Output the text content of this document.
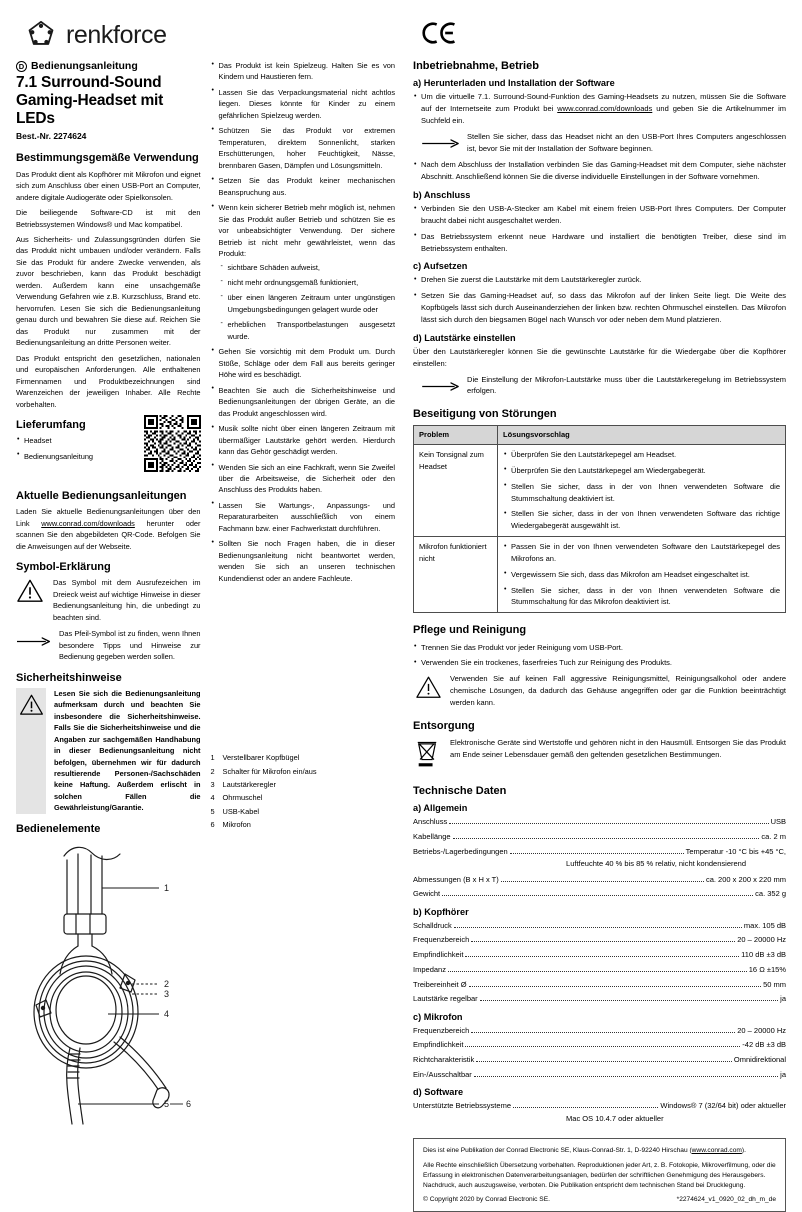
renkforce
D Bedienungsanleitung
7.1 Surround-Sound Gaming-Headset mit LEDs
Best.-Nr. 2274624
Bestimmungsgemäße Verwendung

Das Produkt dient als Kopfhörer mit Mikrofon und eignet sich zum Anschluss über einen USB-Port an Computer, andere digitale Audiogeräte oder Spielkonsolen.

Die beiliegende Software-CD ist mit den Betriebssystemen Windows® und Mac kompatibel.

Aus Sicherheits- und Zulassungsgründen dürfen Sie das Produkt nicht umbauen und/oder verändern. Falls Sie das Produkt für andere Zwecke verwenden, als zuvor beschrieben, kann das Produkt beschädigt werden. Außerdem kann eine unsachgemäße Verwendung Gefahren wie z.B. Kurzschluss, Brand etc. hervorrufen. Lesen Sie sich die Bedienungsanleitung genau durch und bewahren Sie diese auf. Reichen Sie das Produkt nur zusammen mit der Bedienungsanleitung an dritte Personen weiter.

Das Produkt entspricht den gesetzlichen, nationalen und europäischen Anforderungen. Alle enthaltenen Firmennamen und Produktbezeichnungen sind Warenzeichen der jeweiligen Inhaber. Alle Rechte vorbehalten.

Lieferumfang
• Headset
• Bedienungsanleitung
Aktuelle Bedienungsanleitungen

Laden Sie aktuelle Bedienungsanleitungen über den Link www.conrad.com/downloads herunter oder scannen Sie den abgebildeten QR-Code. Befolgen Sie die Anweisungen auf der Webseite.

Symbol-Erklärung

Das Symbol mit dem Ausrufezeichen im Dreieck weist auf wichtige Hinweise in dieser Bedienungsanleitung hin, die unbedingt zu beachten sind.

Das Pfeil-Symbol ist zu finden, wenn Ihnen besondere Tipps und Hinweise zur Bedienung gegeben werden sollen.

Sicherheitshinweise

Lesen Sie sich die Bedienungsanleitung aufmerksam durch und beachten Sie insbesondere die Sicherheitshinweise. Falls Sie die Sicherheitshinweise und die Angaben zur sachgemäßen Handhabung in dieser Bedienungsanleitung nicht befolgen, übernehmen wir für dadurch resultierende Personen-/Sachschäden keine Haftung. Außerdem erlischt in solchen Fällen die Gewährleistung/Garantie.

Bedienelemente
1
2
3
4
5 6
• Das Produkt ist kein Spielzeug. Halten Sie es von Kindern und Haustieren fern.
• Lassen Sie das Verpackungsmaterial nicht achtlos liegen. Dieses könnte für Kinder zu einem gefährlichen Spielzeug werden.
• Schützen Sie das Produkt vor extremen Temperaturen, direktem Sonnenlicht, starken Erschütterungen, hoher Feuchtigkeit, Nässe, brennbaren Gasen, Dämpfen und Lösungsmitteln.
• Setzen Sie das Produkt keiner mechanischen Beanspruchung aus.
• Wenn kein sicherer Betrieb mehr möglich ist, nehmen Sie das Produkt außer Betrieb und schützen Sie es vor unbeabsichtigter Verwendung. Der sichere Betrieb ist nicht mehr gewährleistet, wenn das Produkt:
- sichtbare Schäden aufweist,
- nicht mehr ordnungsgemäß funktioniert,
- über einen längeren Zeitraum unter ungünstigen Umgebungsbedingungen gelagert wurde oder
- erheblichen Transportbelastungen ausgesetzt wurde.
• Gehen Sie vorsichtig mit dem Produkt um. Durch Stöße, Schläge oder dem Fall aus bereits geringer Höhe wird es beschädigt.
• Beachten Sie auch die Sicherheitshinweise und Bedienungsanleitungen der übrigen Geräte, an die das Produkt angeschlossen wird.
• Musik sollte nicht über einen längeren Zeitraum mit übermäßiger Lautstärke gehört werden. Hierdurch kann das Gehör geschädigt werden.
• Wenden Sie sich an eine Fachkraft, wenn Sie Zweifel über die Arbeitsweise, die Sicherheit oder den Anschluss des Produkts haben.
• Lassen Sie Wartungs-, Anpassungs- und Reparaturarbeiten ausschließlich von einem Fachmann bzw. einer Fachwerkstatt durchführen.
• Sollten Sie noch Fragen haben, die in dieser Bedienungsanleitung nicht beantwortet werden, wenden Sie sich an unseren technischen Kundendienst oder an andere Fachleute.
1	Verstellbarer Kopfbügel
2	Schalter für Mikrofon ein/aus
3	Lautstärkeregler
4	Ohrmuschel
5	USB-Kabel
6	Mikrofon
Inbetriebnahme, Betrieb
a) Herunterladen und Installation der Software
• Um die virtuelle 7.1. Surround-Sound-Funktion des Gaming-Headsets zu nutzen, müssen Sie die Software auf der Internetseite zum Produkt bei www.conrad.com/downloads und geben Sie die Artikelnummer im Suchfeld ein.

Stellen Sie sicher, dass das Headset nicht an den USB-Port Ihres Computers angeschlossen ist, bevor Sie mit der Installation der Software beginnen.

• Nach dem Abschluss der Installation verbinden Sie das Gaming-Headset mit dem Computer, siehe nächster Abschnitt. Anschließend können Sie die diverse individuelle Einstellungen in der Software vornehmen.
b) Anschluss
• Verbinden Sie den USB-A-Stecker am Kabel mit einem freien USB-Port Ihres Computers. Der Computer braucht dabei nicht ausgeschaltet werden.
• Das Betriebssystem erkennt neue Hardware und installiert die benötigten Treiber, diese sind im Betriebssystem enthalten.
c) Aufsetzen
• Drehen Sie zuerst die Lautstärke mit dem Lautstärkeregler zurück.
• Setzen Sie das Gaming-Headset auf, so dass das Mikrofon auf der linken Seite liegt. Die Weite des Kopfbügels lässt sich durch Auseinanderziehen der linken bzw. rechten Ohrmuschel einstellen. Das Mikrofon lässt sich durch den biegsamen Bügel nach Wunsch vor oder neben dem Mund platzieren.
d) Lautstärke einstellen

Über den Lautstärkeregler können Sie die gewünschte Lautstärke für die Wiedergabe über die Kopfhörer einstellen:

Die Einstellung der Mikrofon-Lautstärke muss über die Lautstärkeregelung im Betriebssystem erfolgen.

Beseitigung von Störungen
Problem	Lösungsvorschlag
Kein Tonsignal zum Headset	
• Überprüfen Sie den Lautstärkepegel am Headset.
• Überprüfen Sie den Lautstärkepegel am Wiedergabegerät.
• Stellen Sie sicher, dass in der von Ihnen verwendeten Software die Stummschaltung deaktiviert ist.
• Stellen Sie sicher, dass in der von Ihnen verwendeten Software das richtige Wiedergabegerät ausgewählt ist.

Mikrofon funktioniert nicht	
• Passen Sie in der von Ihnen verwendeten Software den Lautstärkepegel des Mikrofons an.
• Vergewissern Sie sich, dass das Mikrofon am Headset eingeschaltet ist.
• Stellen Sie sicher, dass in der von Ihnen verwendeten Software die Stummschaltung für das Mikrofon deaktiviert ist.
Pflege und Reinigung
• Trennen Sie das Produkt vor jeder Reinigung vom USB-Port.
• Verwenden Sie ein trockenes, faserfreies Tuch zur Reinigung des Produkts.

Verwenden Sie auf keinen Fall aggressive Reinigungsmittel, Reinigungsalkohol oder andere chemische Lösungen, da dadurch das Gehäuse angegriffen oder gar die Funktion beeinträchtigt werden kann.

Entsorgung

Elektronische Geräte sind Wertstoffe und gehören nicht in den Hausmüll. Entsorgen Sie das Produkt am Ende seiner Lebensdauer gemäß den geltenden gesetzlichen Bestimmungen.

Technische Daten
a) Allgemein
Anschluss	USB
Kabellänge	ca. 2 m
Betriebs-/Lagerbedingungen	Temperatur -10 °C bis +45 °C,
Luftfeuchte 40 % bis 85 % relativ, nicht kondensierend
Abmessungen (B x H x T)	ca. 200 x 200 x 220 mm
Gewicht	ca. 352 g
b) Kopfhörer
Schalldruck	max. 105 dB
Frequenzbereich	20 – 20000 Hz
Empfindlichkeit	110 dB ±3 dB
Impedanz	16 Ω ±15%
Treibereinheit Ø	50 mm
Lautstärke regelbar	ja
c) Mikrofon
Frequenzbereich	20 – 20000 Hz
Empfindlichkeit	-42 dB ±3 dB
Richtcharakteristik	Omnidirektional
Ein-/Ausschaltbar	ja
d) Software
Unterstützte Betriebssysteme	Windows® 7 (32/64 bit) oder aktueller
Mac OS 10.4.7 oder aktueller

Dies ist eine Publikation der Conrad Electronic SE, Klaus-Conrad-Str. 1, D-92240 Hirschau (www.conrad.com).

Alle Rechte einschließlich Übersetzung vorbehalten. Reproduktionen jeder Art, z. B. Fotokopie, Mikroverfilmung, oder die Erfassung in elektronischen Datenverarbeitungsanlagen, bedürfen der schriftlichen Genehmigung des Herausgebers. Nachdruck, auch auszugsweise, verboten. Die Publikation entspricht dem technischen Stand bei Drucklegung.

© Copyright 2020 by Conrad Electronic SE.	*2274624_v1_0920_02_dh_m_de
